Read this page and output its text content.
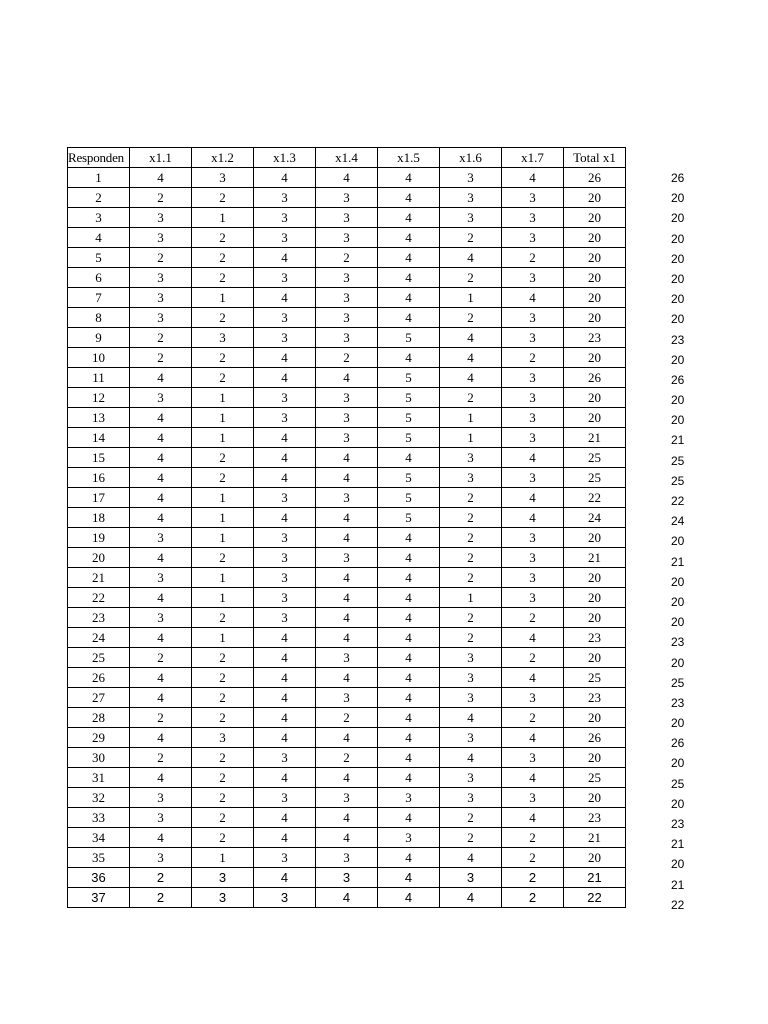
Responden	x1.1	x1.2	x1.3	x1.4	x1.5	x1.6	x1.7	Total x1
1	4	3	4	4	4	3	4	26
2	2	2	3	3	4	3	3	20
3	3	1	3	3	4	3	3	20
4	3	2	3	3	4	2	3	20
5	2	2	4	2	4	4	2	20
6	3	2	3	3	4	2	3	20
7	3	1	4	3	4	1	4	20
8	3	2	3	3	4	2	3	20
9	2	3	3	3	5	4	3	23
10	2	2	4	2	4	4	2	20
11	4	2	4	4	5	4	3	26
12	3	1	3	3	5	2	3	20
13	4	1	3	3	5	1	3	20
14	4	1	4	3	5	1	3	21
15	4	2	4	4	4	3	4	25
16	4	2	4	4	5	3	3	25
17	4	1	3	3	5	2	4	22
18	4	1	4	4	5	2	4	24
19	3	1	3	4	4	2	3	20
20	4	2	3	3	4	2	3	21
21	3	1	3	4	4	2	3	20
22	4	1	3	4	4	1	3	20
23	3	2	3	4	4	2	2	20
24	4	1	4	4	4	2	4	23
25	2	2	4	3	4	3	2	20
26	4	2	4	4	4	3	4	25
27	4	2	4	3	4	3	3	23
28	2	2	4	2	4	4	2	20
29	4	3	4	4	4	3	4	26
30	2	2	3	2	4	4	3	20
31	4	2	4	4	4	3	4	25
32	3	2	3	3	3	3	3	20
33	3	2	4	4	4	2	4	23
34	4	2	4	4	3	2	2	21
35	3	1	3	3	4	4	2	20
36	2	3	4	3	4	3	2	21
37	2	3	3	4	4	4	2	22
26
20
20
20
20
20
20
20
23
20
26
20
20
21
25
25
22
24
20
21
20
20
20
23
20
25
23
20
26
20
25
20
23
21
20
21
22
